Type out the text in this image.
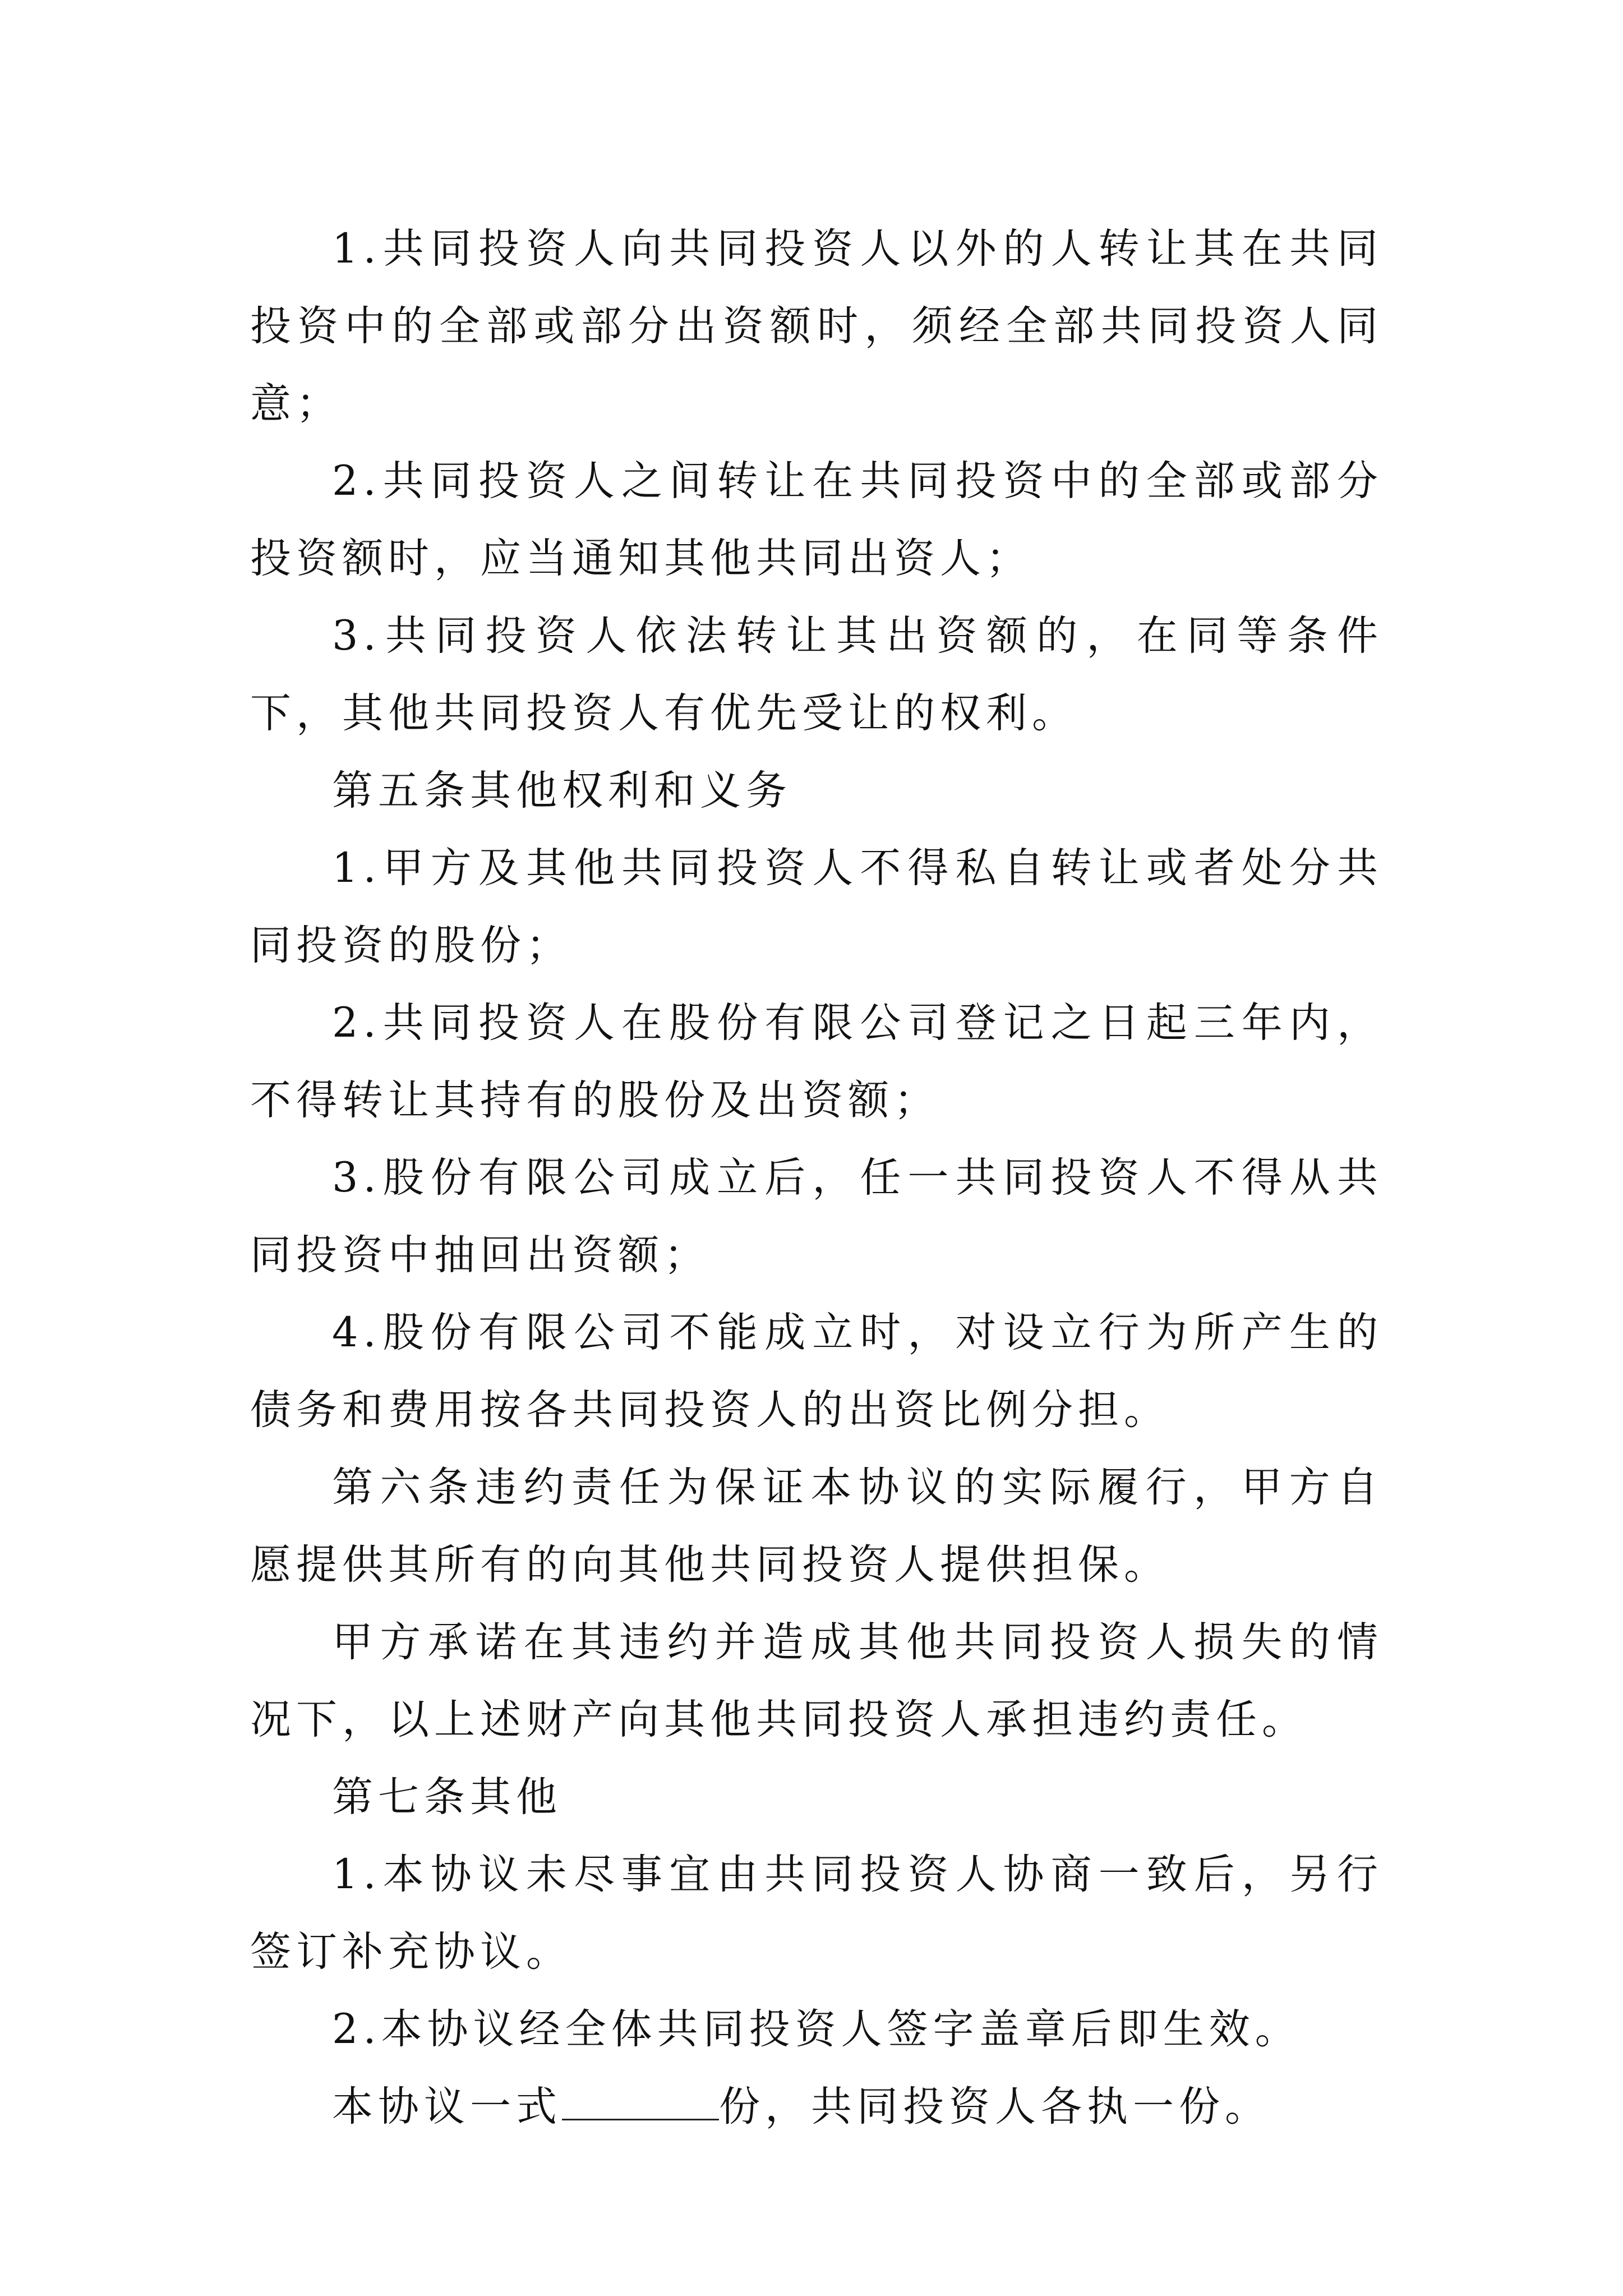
1.共同投资人向共同投资人以外的人转让其在共同投资中的全部或部分出资额时，须经全部共同投资人同意；

2.共同投资人之间转让在共同投资中的全部或部分投资额时，应当通知其他共同出资人；

3.共同投资人依法转让其出资额的，在同等条件下，其他共同投资人有优先受让的权利。

第五条其他权利和义务

1.甲方及其他共同投资人不得私自转让或者处分共同投资的股份；

2.共同投资人在股份有限公司登记之日起三年内，不得转让其持有的股份及出资额；

3.股份有限公司成立后，任一共同投资人不得从共同投资中抽回出资额；

4.股份有限公司不能成立时，对设立行为所产生的债务和费用按各共同投资人的出资比例分担。

第六条违约责任为保证本协议的实际履行，甲方自愿提供其所有的向其他共同投资人提供担保。

甲方承诺在其违约并造成其他共同投资人损失的情况下，以上述财产向其他共同投资人承担违约责任。

第七条其他

1.本协议未尽事宜由共同投资人协商一致后，另行签订补充协议。

2.本协议经全体共同投资人签字盖章后即生效。

本协议一式	份，共同投资人各执一份。
